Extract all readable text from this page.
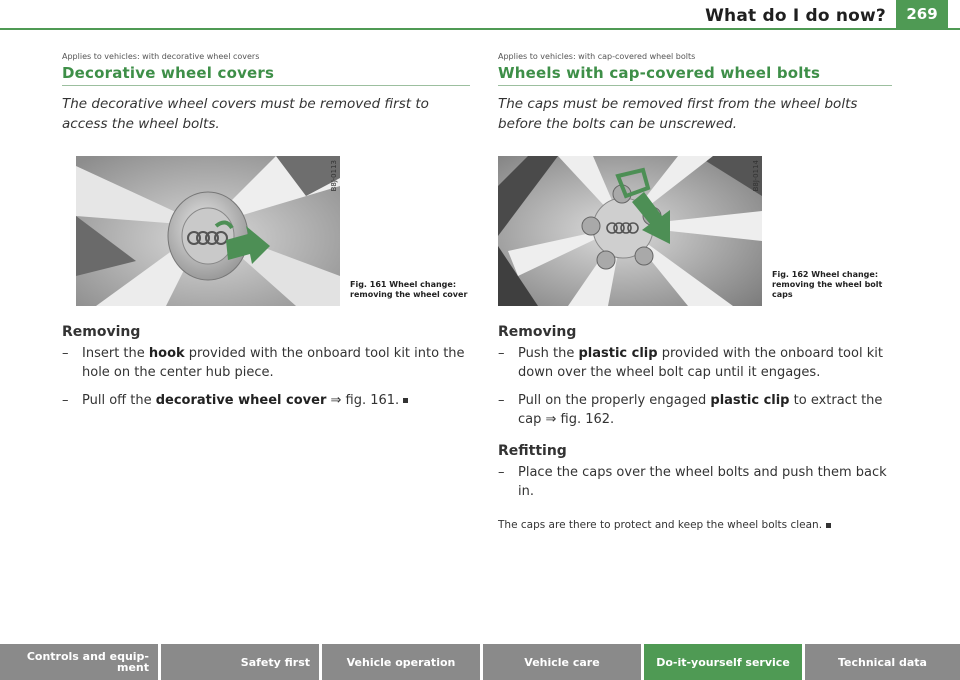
What do I do now?	269

Applies to vehicles: with decorative wheel covers

Decorative wheel covers

The decorative wheel covers must be removed first to access the wheel bolts.

B8J-0113
Fig. 161 Wheel change: removing the wheel cover
Removing

– Insert the hook provided with the onboard tool kit into the hole on the center hub piece.

– Pull off the decorative wheel cover ⇒ fig. 161.

Applies to vehicles: with cap-covered wheel bolts

Wheels with cap-covered wheel bolts

The caps must be removed first from the wheel bolts before the bolts can be unscrewed.

B8J-0114
Fig. 162 Wheel change: removing the wheel bolt caps
Removing

– Push the plastic clip provided with the onboard tool kit down over the wheel bolt cap until it engages.

– Pull on the properly engaged plastic clip to extract the cap ⇒ fig. 162.

Refitting

– Place the caps over the wheel bolts and push them back in.

The caps are there to protect and keep the wheel bolts clean.
Controls and equip-ment	Safety first	Vehicle operation	Vehicle care	Do-it-yourself service	Technical data
